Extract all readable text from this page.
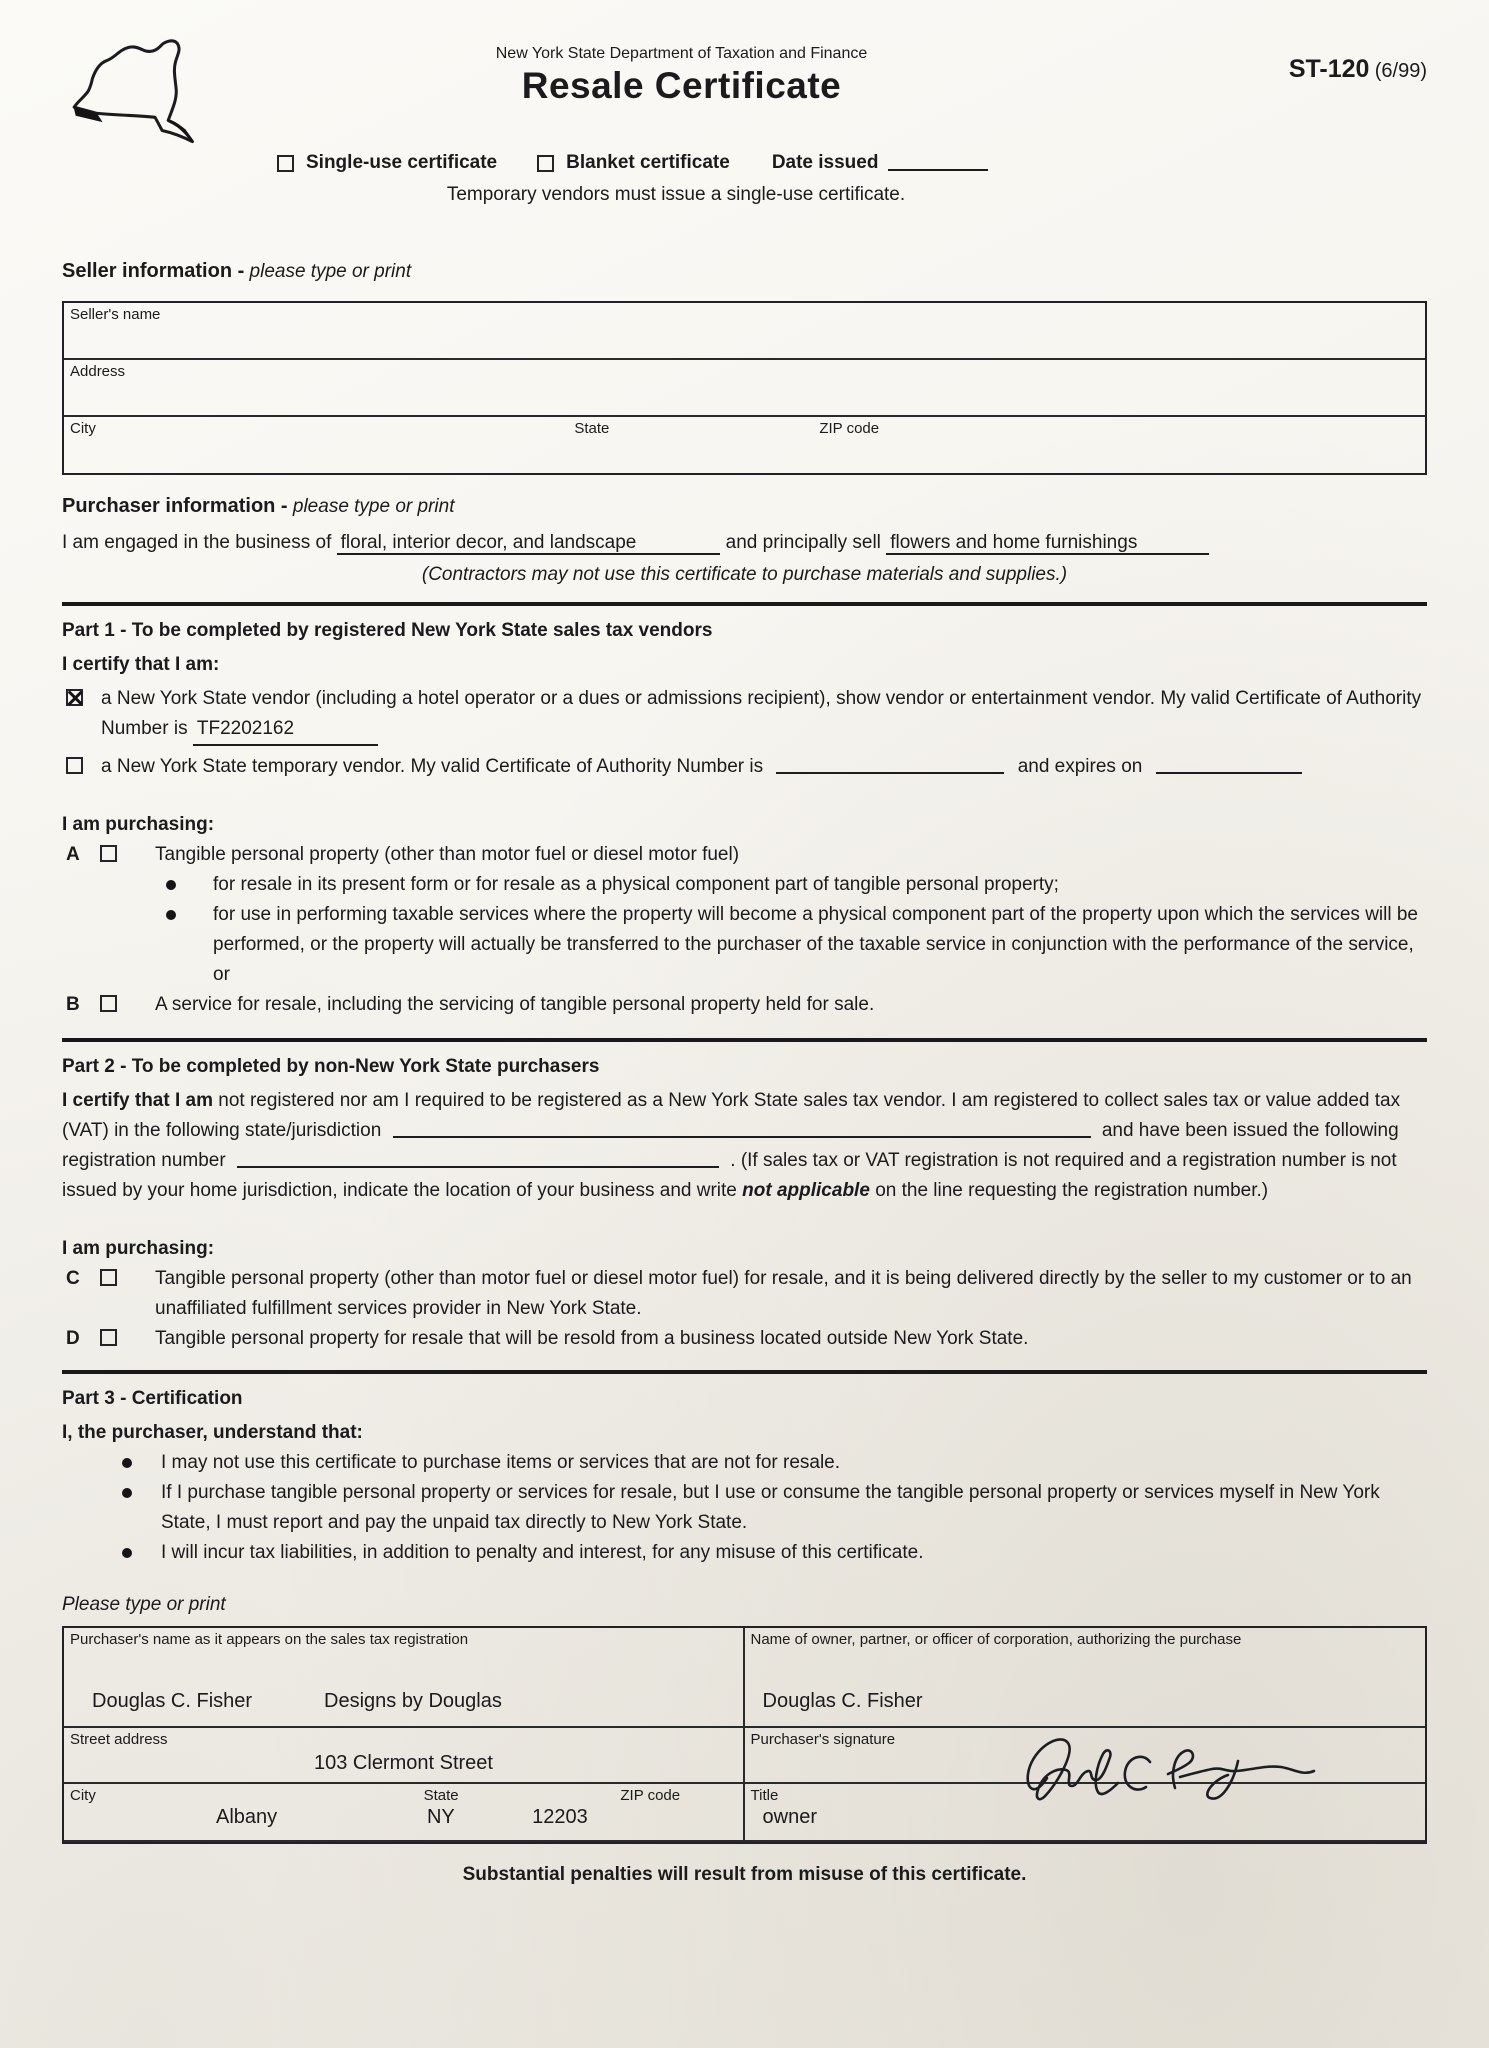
New York State Department of Taxation and Finance
Resale Certificate	ST-120 (6/99)
Single-use certificate	Blanket certificate Date issued
Temporary vendors must issue a single-use certificate.
Seller information - please type or print
Seller's name
Address
City	State	ZIP code
Purchaser information - please type or print
I am engaged in the business of floral, interior decor, and landscape	and principally sell flowers and home furnishings
(Contractors may not use this certificate to purchase materials and supplies.)
Part 1 - To be completed by registered New York State sales tax vendors
I certify that I am:
a New York State vendor (including a hotel operator or a dues or admissions recipient), show vendor or entertainment vendor. My valid Certificate of Authority Number is TF2202162
a New York State temporary vendor. My valid Certificate of Authority Number is	and expires on
I am purchasing:
A	Tangible personal property (other than motor fuel or diesel motor fuel)
for resale in its present form or for resale as a physical component part of tangible personal property;
for use in performing taxable services where the property will become a physical component part of the property upon which the services will be performed, or the property will actually be transferred to the purchaser of the taxable service in conjunction with the performance of the service, or
B	A service for resale, including the servicing of tangible personal property held for sale.
Part 2 - To be completed by non-New York State purchasers
I certify that I am not registered nor am I required to be registered as a New York State sales tax vendor. I am registered to collect sales tax or value added tax (VAT) in the following state/jurisdiction	and have been issued the following registration number	. (If sales tax or VAT registration is not required and a registration number is not issued by your home jurisdiction, indicate the location of your business and write not applicable on the line requesting the registration number.)
I am purchasing:
C	Tangible personal property (other than motor fuel or diesel motor fuel) for resale, and it is being delivered directly by the seller to my customer or to an unaffiliated fulfillment services provider in New York State.
D	Tangible personal property for resale that will be resold from a business located outside New York State.
Part 3 - Certification
I, the purchaser, understand that:
I may not use this certificate to purchase items or services that are not for resale.
If I purchase tangible personal property or services for resale, but I use or consume the tangible personal property or services myself in New York State, I must report and pay the unpaid tax directly to New York State.
I will incur tax liabilities, in addition to penalty and interest, for any misuse of this certificate.
Please type or print
Purchaser's name as it appears on the sales tax registration
Douglas C. Fisher	Designs by Douglas
Name of owner, partner, or officer of corporation, authorizing the purchase
Douglas C. Fisher
Street address
103 Clermont Street
Purchaser's signature
City	State	ZIP code
Albany	NY	12203
Title
owner
Substantial penalties will result from misuse of this certificate.
